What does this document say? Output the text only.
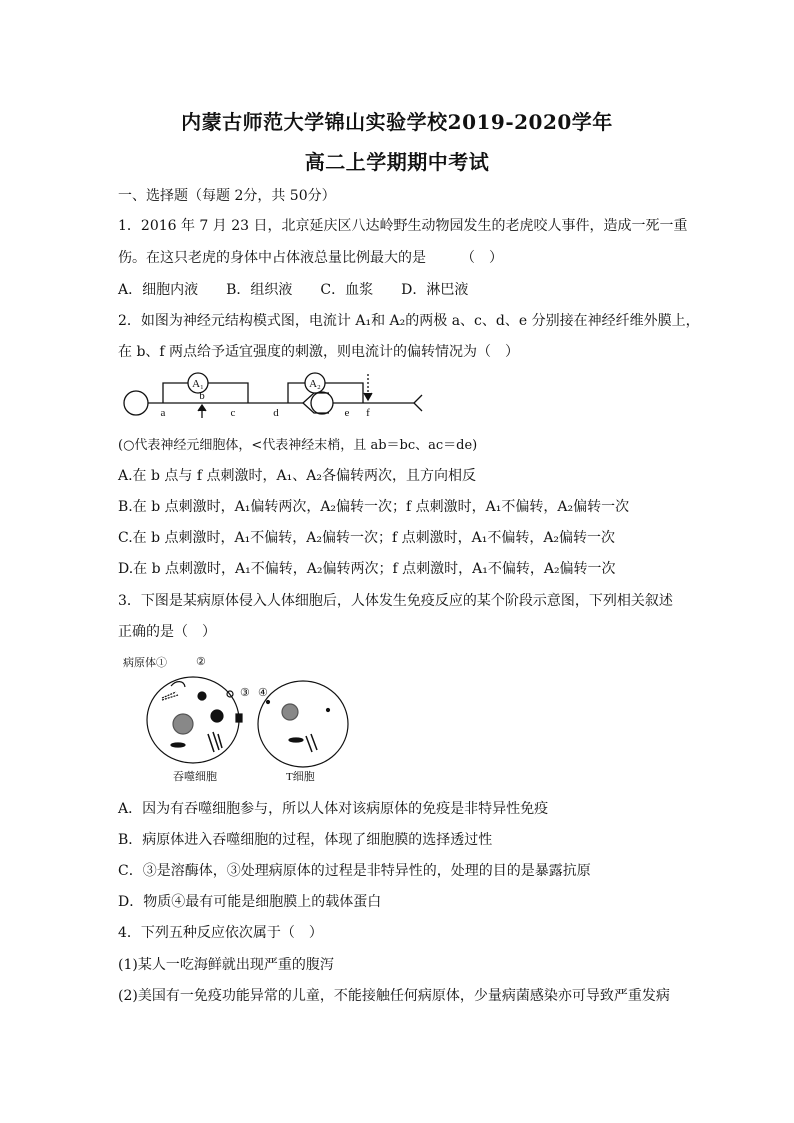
内蒙古师范大学锦山实验学校2019-2020学年
高二上学期期中考试
一、选择题（每题 2分，共 50分）
1．2016 年 7 月 23 日，北京延庆区八达岭野生动物园发生的老虎咬人事件，造成一死一重
伤。在这只老虎的身体中占体液总量比例最大的是　　　（　）
A．细胞内液　　B．组织液　　C．血浆　　D．淋巴液
2．如图为神经元结构模式图，电流计 A₁和 A₂的两极 a、c、d、e 分别接在神经纤维外膜上，
在 b、f 两点给予适宜强度的刺激，则电流计的偏转情况为（　）
A₁	A₂
a
b
c	d	e f
(○代表神经元细胞体，<代表神经末梢，且 ab＝bc、ac＝de)
A.在 b 点与 f 点刺激时，A₁、A₂各偏转两次，且方向相反
B.在 b 点刺激时，A₁偏转两次，A₂偏转一次；f 点刺激时，A₁不偏转，A₂偏转一次
C.在 b 点刺激时，A₁不偏转，A₂偏转一次；f 点刺激时，A₁不偏转，A₂偏转一次
D.在 b 点刺激时，A₁不偏转，A₂偏转两次；f 点刺激时，A₁不偏转，A₂偏转一次
3．下图是某病原体侵入人体细胞后，人体发生免疫反应的某个阶段示意图，下列相关叙述
正确的是（　）
病原体①	②
③ ④
吞噬细胞	T细胞
A．因为有吞噬细胞参与，所以人体对该病原体的免疫是非特异性免疫
B．病原体进入吞噬细胞的过程，体现了细胞膜的选择透过性
C．③是溶酶体，③处理病原体的过程是非特异性的，处理的目的是暴露抗原
D．物质④最有可能是细胞膜上的载体蛋白
4．下列五种反应依次属于（　）
(1)某人一吃海鲜就出现严重的腹泻
(2)美国有一免疫功能异常的儿童，不能接触任何病原体，少量病菌感染亦可导致严重发病
